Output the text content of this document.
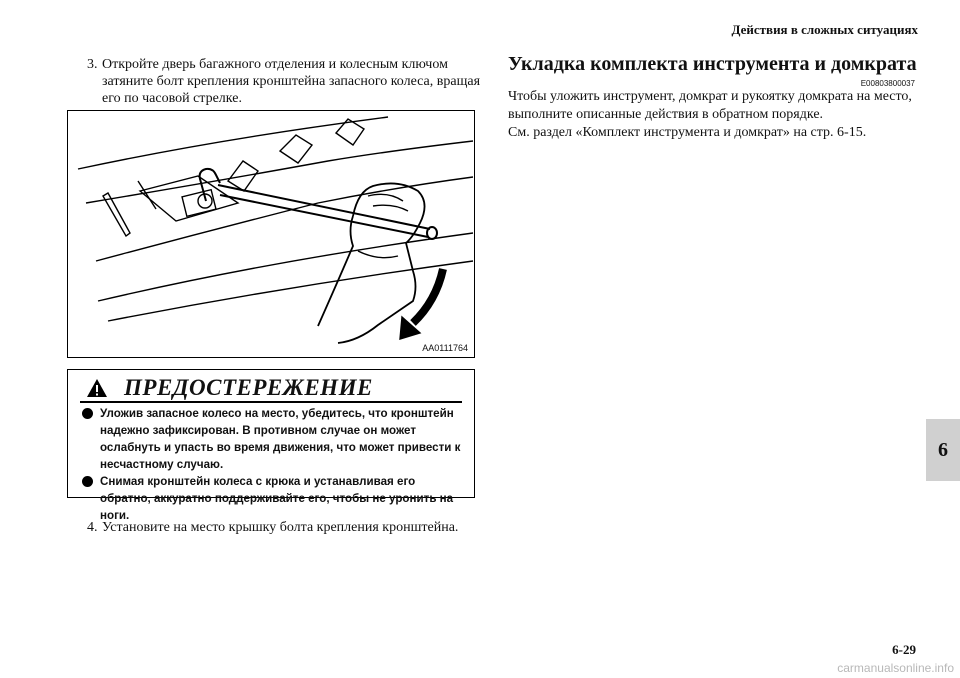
Действия в сложных ситуациях
3. Откройте дверь багажного отделения и колесным ключом затяните болт крепления кронштейна запасного колеса, вращая его по часовой стрелке.
AA0111764
ПРЕДОСТЕРЕЖЕНИЕ
Уложив запасное колесо на место, убедитесь, что кронштейн надежно зафиксирован. В противном случае он может ослабнуть и упасть во время движения, что может привести к несчастному случаю.
Снимая кронштейн колеса с крюка и устанавливая его обратно, аккуратно поддерживайте его, чтобы не уронить на ноги.
4. Установите на место крышку болта крепления кронштейна.
Укладка комплекта инструмента и домкрата
E00803800037

Чтобы уложить инструмент, домкрат и рукоятку домкрата на место, выполните описанные действия в обратном порядке.

См. раздел «Комплект инструмента и домкрат» на стр. 6-15.

6
6-29
carmanualsonline.info
